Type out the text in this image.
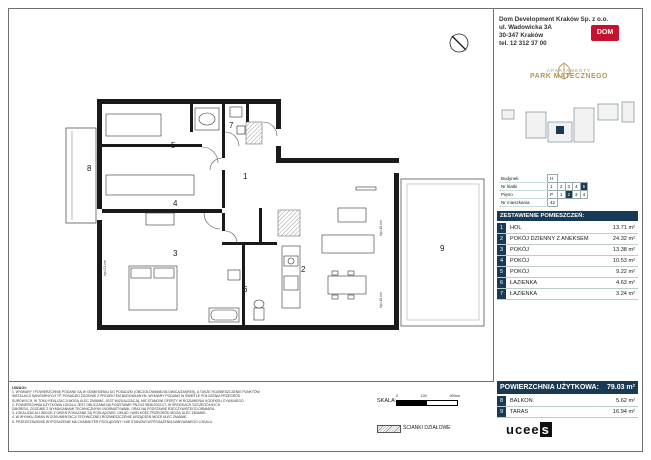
1
2
3
4
5
6
7
8
9
hp=16 cm
hp=16 cm
hp=21 cm
Dom Development Kraków Sp. z o.o.
ul. Wadowicka 3A
30-347 Kraków
tel. 12 312 37 00
DOM
APARTAMENTY
PARK MATECZNEGO
Budynek	H				
Nr klatki	1	2	3	4	5
Piętro	P	1	2	3	4
Nr mieszkania	42				
ZESTAWIENIE POMIESZCZEŃ:
1	HOL	13.71 m²
2	POKÓJ DZIENNY Z ANEKSEM	24.32 m²
3	POKÓJ	13.38 m²
4	POKÓJ	10.53 m²
5	POKÓJ	9.22 m²
6	ŁAZIENKA	4.63 m²
7	ŁAZIENKA	3.24 m²
POWIERZCHNIA UŻYTKOWA: 79.03 m²
8	BALKON	5.62 m²
9	TARAS	16.94 m²
UWAGI:
1. WYMIARY I POWIERZCHNIE PODANE SĄ W ODNIESIENIU DO POSADZKI (OBCZOŁOWANIE/GŁOWICA/ZAKRES), A TAKŻE ROZMIESZCZENIE PUNKTÓW
INSTALACJI SANITARNYCH TP. POSADZKI ZGODNIE Z PROJEKTEM BUDOWLANYM. WYMIARY PODANO W ŚWIETLE POŁOŻENIA PRZEGRÓD
SUROWYCH, W TOKU REALIZACJI MOGĄ ULEC ZMIANIE. JEST WIZUALIZACJĄ, NIE STANOWI OFERTY W ROZUMIENIU KODEKSU CYWILNEGO.
2. POWIERZCHNIA UŻYTKOWA LOKALU JEST OBLICZANA NA PODSTAWIE PN-ISO 9836:2022-07, W ŚRODKACH SZCZEGÓLNYCH
ZAKRESU, ZGODNIE Z WYMAGANIAMI TECHNICZNYMI I NORMATYWAMI, ORAZ NA PODSTAWIE RZECZYWISTEGO OBMIARU.
3. LOKALIZACJA I WIDOK Z OKIEN POKAZANE SĄ POGLĄDOWO. UKŁAD I WIELKOŚĆ PRZEGRÓD MOGĄ ULEC ZMIANIE.
4. W WYNIKU ZMIAN W DOKUMENTACJI TECHNICZNEJ ROZMIESZCZENIE URZĄDZEŃ MOŻE ULEC ZMIANIE.
5. PRZEDSTAWIONE WYPOSAŻENIE MA CHARAKTER POGLĄDOWY I NIE STANOWI WYPOSAŻENIA NABYWANEGO LOKALU.
SKALA:
0	100	200cm
ŚCIANKI DZIAŁOWE	ucee s
